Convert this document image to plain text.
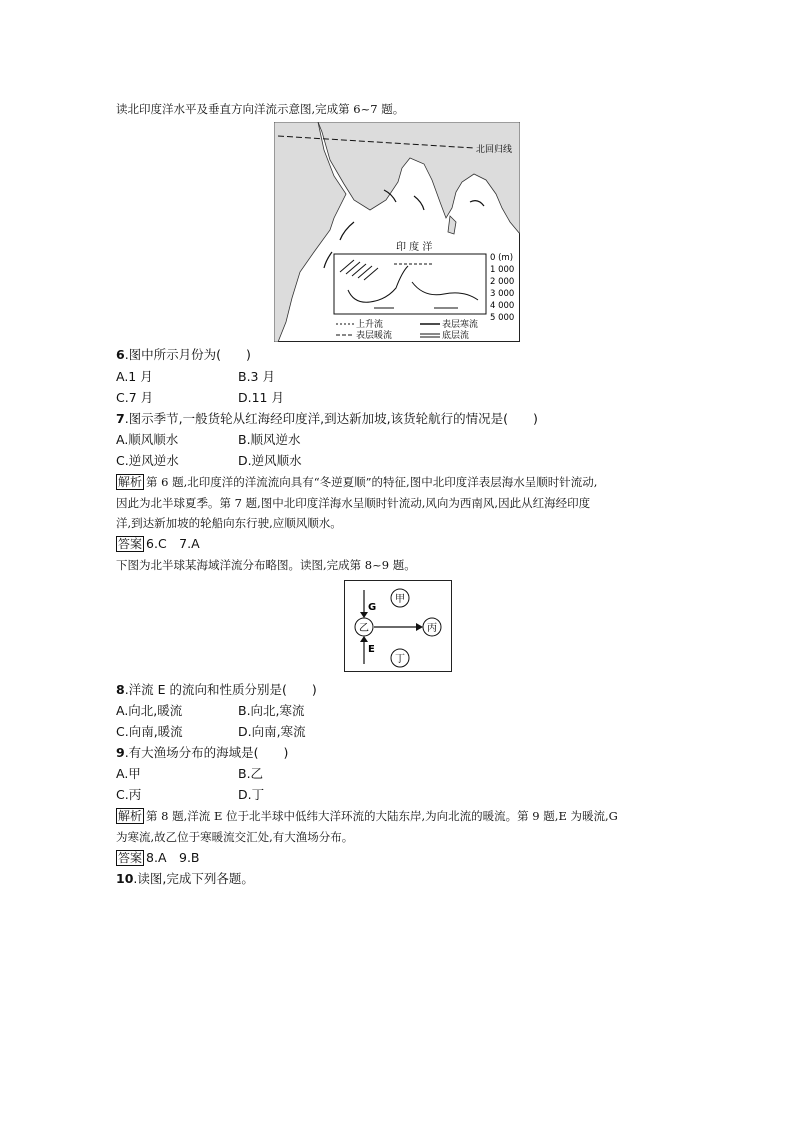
读北印度洋水平及垂直方向洋流示意图,完成第 6~7 题。
北回归线
印 度 洋
0 (m)
1 000
2 000
3 000
4 000
5 000
上升流
表层暖流
表层寒流
底层流
6.图中所示月份为(　　)
A.1 月	B.3 月
C.7 月	D.11 月
7.图示季节,一般货轮从红海经印度洋,到达新加坡,该货轮航行的情况是(　　)
A.顺风顺水	B.顺风逆水
C.逆风逆水	D.逆风顺水
解析 第 6 题,北印度洋的洋流流向具有“冬逆夏顺”的特征,图中北印度洋表层海水呈顺时针流动,
因此为北半球夏季。第 7 题,图中北印度洋海水呈顺时针流动,风向为西南风,因此从红海经印度
洋,到达新加坡的轮船向东行驶,应顺风顺水。
答案 6.C　7.A
下图为北半球某海域洋流分布略图。读图,完成第 8~9 题。
G
E
甲
乙	丙
丁
8.洋流 E 的流向和性质分别是(　　)
A.向北,暖流	B.向北,寒流
C.向南,暖流	D.向南,寒流
9.有大渔场分布的海域是(　　)
A.甲	B.乙
C.丙	D.丁
解析 第 8 题,洋流 E 位于北半球中低纬大洋环流的大陆东岸,为向北流的暖流。第 9 题,E 为暖流,G
为寒流,故乙位于寒暖流交汇处,有大渔场分布。
答案 8.A　9.B
10.读图,完成下列各题。
